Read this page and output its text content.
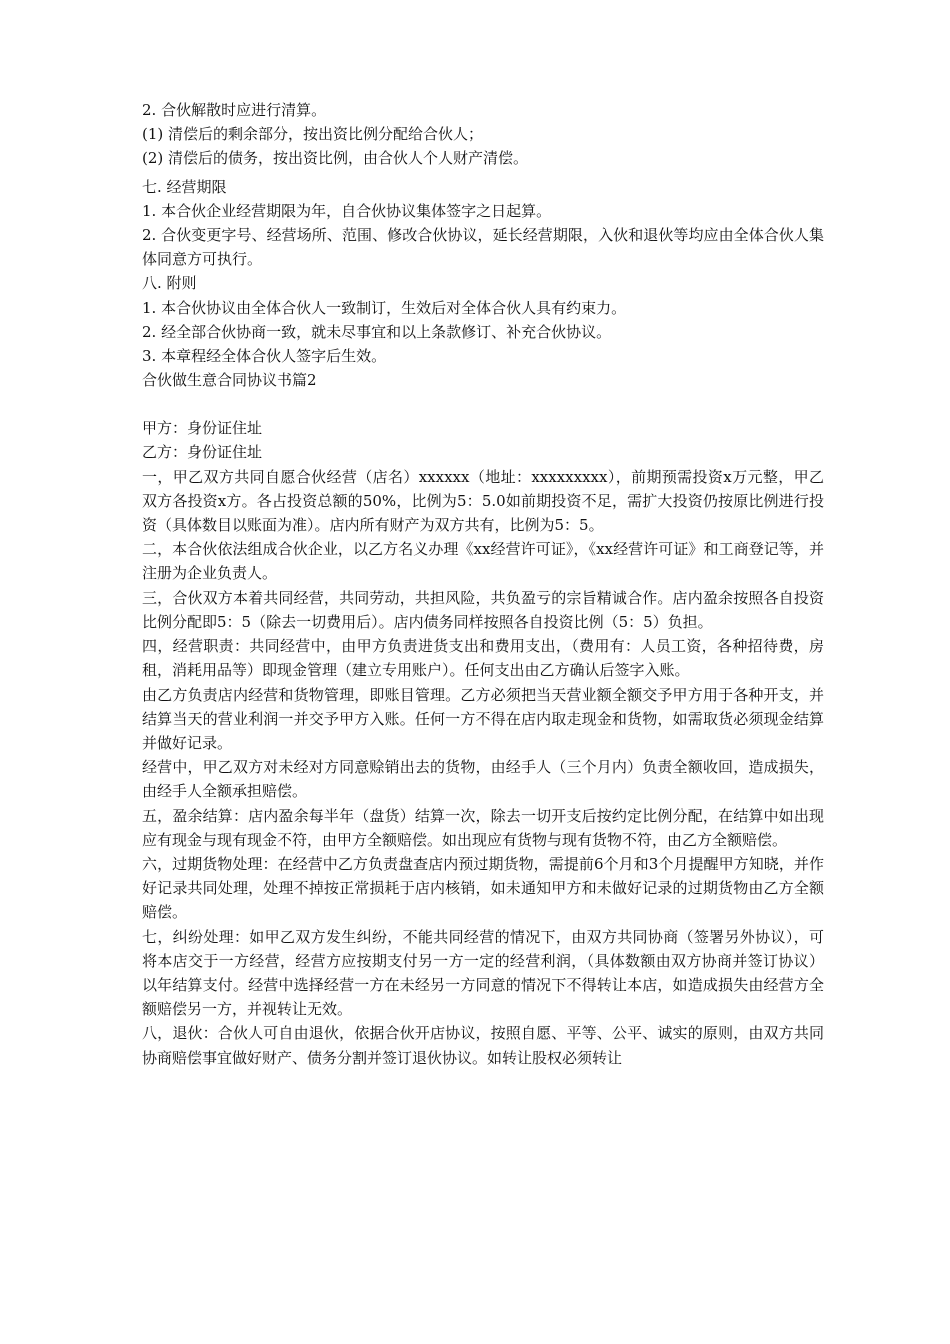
2. 合伙解散时应进行清算。
(1) 清偿后的剩余部分，按出资比例分配给合伙人；
(2) 清偿后的债务，按出资比例，由合伙人个人财产清偿。
七. 经营期限
1. 本合伙企业经营期限为年，自合伙协议集体签字之日起算。
2. 合伙变更字号、经营场所、范围、修改合伙协议，延长经营期限，入伙和退伙等均应由全体合伙人集体同意方可执行。
八. 附则
1. 本合伙协议由全体合伙人一致制订，生效后对全体合伙人具有约束力。
2. 经全部合伙协商一致，就未尽事宜和以上条款修订、补充合伙协议。
3. 本章程经全体合伙人签字后生效。
合伙做生意合同协议书篇2
甲方：身份证住址
乙方：身份证住址
一，甲乙双方共同自愿合伙经营（店名）xxxxxx（地址：xxxxxxxxx），前期预需投资x万元整，甲乙双方各投资x方。各占投资总额的50%，比例为5：5.0如前期投资不足，需扩大投资仍按原比例进行投资（具体数目以账面为准）。店内所有财产为双方共有，比例为5：5。
二，本合伙依法组成合伙企业，以乙方名义办理《xx经营许可证》，《xx经营许可证》和工商登记等，并注册为企业负责人。
三，合伙双方本着共同经营，共同劳动，共担风险，共负盈亏的宗旨精诚合作。店内盈余按照各自投资比例分配即5：5（除去一切费用后）。店内债务同样按照各自投资比例（5：5）负担。
四，经营职责：共同经营中，由甲方负责进货支出和费用支出，（费用有：人员工资，各种招待费，房租，消耗用品等）即现金管理（建立专用账户）。任何支出由乙方确认后签字入账。
由乙方负责店内经营和货物管理，即账目管理。乙方必须把当天营业额全额交予甲方用于各种开支，并结算当天的营业利润一并交予甲方入账。任何一方不得在店内取走现金和货物，如需取货必须现金结算并做好记录。
经营中，甲乙双方对未经对方同意赊销出去的货物，由经手人（三个月内）负责全额收回，造成损失，由经手人全额承担赔偿。
五，盈余结算：店内盈余每半年（盘货）结算一次，除去一切开支后按约定比例分配，在结算中如出现应有现金与现有现金不符，由甲方全额赔偿。如出现应有货物与现有货物不符，由乙方全额赔偿。
六，过期货物处理：在经营中乙方负责盘查店内预过期货物，需提前6个月和3个月提醒甲方知晓，并作好记录共同处理，处理不掉按正常损耗于店内核销，如未通知甲方和未做好记录的过期货物由乙方全额赔偿。
七，纠纷处理：如甲乙双方发生纠纷，不能共同经营的情况下，由双方共同协商（签署另外协议），可将本店交于一方经营，经营方应按期支付另一方一定的经营利润，（具体数额由双方协商并签订协议）以年结算支付。经营中选择经营一方在未经另一方同意的情况下不得转让本店，如造成损失由经营方全额赔偿另一方，并视转让无效。
八，退伙：合伙人可自由退伙，依据合伙开店协议，按照自愿、平等、公平、诚实的原则，由双方共同协商赔偿事宜做好财产、债务分割并签订退伙协议。如转让股权必须转让
